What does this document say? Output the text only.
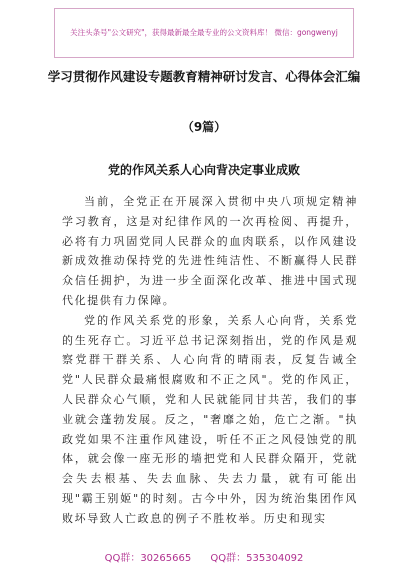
关注头条号"公文研究"，获得最新最全最专业的公文资料库！ 微信：gongwenyj
学习贯彻作风建设专题教育精神研讨发言、心得体会汇编
（9篇）
党的作风关系人心向背决定事业成败

当前，全党正在开展深入贯彻中央八项规定精神学习教育，这是对纪律作风的一次再检阅、再提升，必将有力巩固党同人民群众的血肉联系，以作风建设新成效推动保持党的先进性纯洁性、不断赢得人民群众信任拥护，为进一步全面深化改革、推进中国式现代化提供有力保障。

党的作风关系党的形象，关系人心向背，关系党的生死存亡。习近平总书记深刻指出，党的作风是观察党群干群关系、人心向背的晴雨表，反复告诫全党"人民群众最痛恨腐败和不正之风"。党的作风正，人民群众心气顺，党和人民就能同甘共苦，我们的事业就会蓬勃发展。反之，"奢靡之始，危亡之渐。"执政党如果不注重作风建设，听任不正之风侵蚀党的肌体，就会像一座无形的墙把党和人民群众隔开，党就会失去根基、失去血脉、失去力量，就有可能出现"霸王别姬"的时刻。古今中外，因为统治集团作风败坏导致人亡政息的例子不胜枚举。历史和现实

QQ群：30265665 QQ群：535304092
